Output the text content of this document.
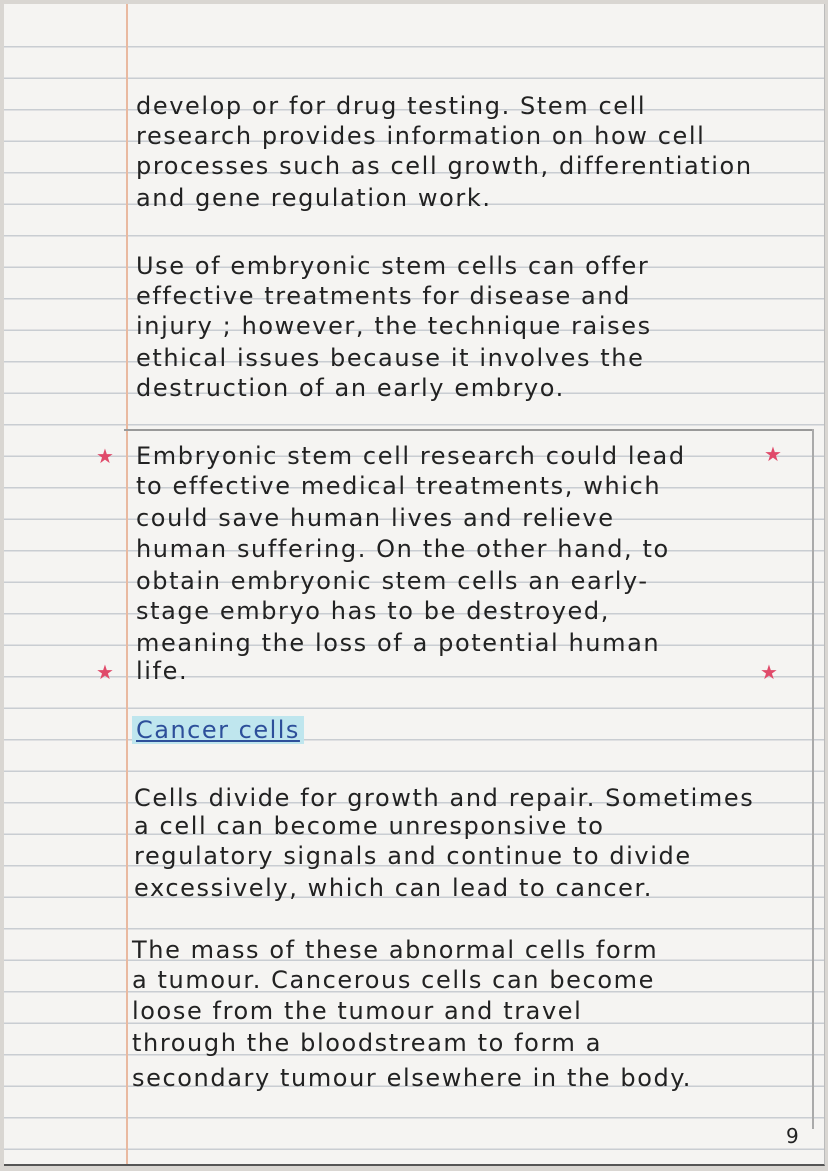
develop or for drug testing. Stem cell
research provides information on how cell
processes such as cell growth, differentiation
and gene regulation work.
Use of embryonic stem cells can offer
effective treatments for disease and
injury ; however, the technique raises
ethical issues because it involves the
destruction of an early embryo.
Embryonic stem cell research could lead
to effective medical treatments, which
could save human lives and relieve
human suffering. On the other hand, to
obtain embryonic stem cells an early-
stage embryo has to be destroyed,
meaning the loss of a potential human
life.
Cells divide for growth and repair. Sometimes
a cell can become unresponsive to
regulatory signals and continue to divide
excessively, which can lead to cancer.
The mass of these abnormal cells form
a tumour. Cancerous cells can become
loose from the tumour and travel
through the bloodstream to form a
secondary tumour elsewhere in the body.
Cancer cells
★	★
★	★
9
